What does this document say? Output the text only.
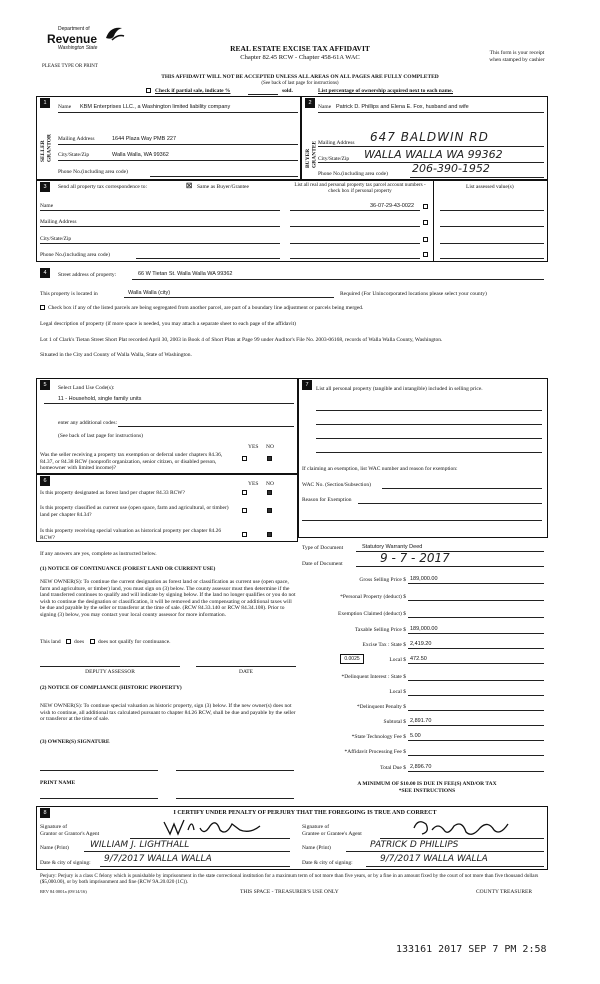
Department of
Revenue
Washington State
PLEASE TYPE OR PRINT
REAL ESTATE EXCISE TAX AFFIDAVIT
Chapter 82.45 RCW - Chapter 458-61A WAC
This form is your receipt
when stamped by cashier
THIS AFFIDAVIT WILL NOT BE ACCEPTED UNLESS ALL AREAS ON ALL PAGES ARE FULLY COMPLETED
(See back of last page for instructions)
Check if partial sale, indicate %	sold.	List percentage of ownership acquired next to each name.
1
SELLER GRANTOR
Name KBM Enterprises LLC., a Washington limited liability company
Mailing Address	1644 Plaza Way PMB 227
City/State/Zip	Walla Walla, WA 99362
Phone No.(including area code)
2
BUYER GRANTEE
Name Patrick D. Phillips and Elena E. Fox, husband and wife
Mailing Address 647 BALDWIN RD
City/State/Zip WALLA WALLA WA 99362
Phone No.(including area code) 206-390-1952
3	Send all property tax correspondence to:	☒ Same as Buyer/Grantee	List all real and personal property tax parcel account numbers - check box if personal property
List assessed value(s)
Name
Mailing Address
City/State/Zip
Phone No.(including area code)
36-07-29-43-0022
4	Street address of property:	66 W Tietan St. Walla Walla WA 99362
This property is located in	Walla Walla (city)	Required (For Unincorporated locations please select your county)
Check box if any of the listed parcels are being segregated from another parcel, are part of a boundary line adjustment or parcels being merged.
Legal description of property (if more space is needed, you may attach a separate sheet to each page of the affidavit)
Lot 1 of Clark's Tietan Street Short Plat recorded April 30, 2003 in Book 4 of Short Plats at Page 99 under Auditor's File No. 2003-06168, records of Walla Walla County, Washington.
Situated in the City and County of Walla Walla, State of Washington.
5	Select Land Use Code(s):
11 - Household, single family units
enter any additional codes:
(See back of last page for instructions)
YES NO
Was the seller receiving a property tax exemption or deferral under chapters 84.36, 84.37, or 84.38 RCW (nonprofit organization, senior citizen, or disabled person, homeowner with limited income)?
6	YES NO
Is this property designated as forest land per chapter 84.33 RCW?
Is this property classified as current use (open space, farm and agricultural, or timber) land per chapter 84.34?
Is this property receiving special valuation as historical property per chapter 84.26 RCW?
If any answers are yes, complete as instructed below.
(1) NOTICE OF CONTINUANCE (FOREST LAND OR CURRENT USE)
NEW OWNER(S): To continue the current designation as forest land or classification as current use (open space, farm and agriculture, or timber) land, you must sign on (3) below. The county assessor must then determine if the land transferred continues to qualify and will indicate by signing below. If the land no longer qualifies or you do not wish to continue the designation or classification, it will be removed and the compensating or additional taxes will be due and payable by the seller or transferor at the time of sale. (RCW 84.33.140 or RCW 84.34.108). Prior to signing (3) below, you may contact your local county assessor for more information.
This land does	does not qualify for continuance.
DEPUTY ASSESSOR	DATE
(2) NOTICE OF COMPLIANCE (HISTORIC PROPERTY)
NEW OWNER(S): To continue special valuation as historic property, sign (3) below. If the new owner(s) does not wish to continue, all additional tax calculated pursuant to chapter 84.26 RCW, shall be due and payable by the seller or transferor at the time of sale.
(3) OWNER(S) SIGNATURE
PRINT NAME
7
List all personal property (tangible and intangible) included in selling price.
If claiming an exemption, list WAC number and reason for exemption:
WAC No. (Section/Subsection)
Reason for Exemption
Type of Document	Statutory Warranty Deed
Date of Document	9 - 7 - 2017
Gross Selling Price $ 189,000.00
*Personal Property (deduct) $
Exemption Claimed (deduct) $
Taxable Selling Price $ 189,000.00
Excise Tax : State $ 2,419.20
0.0025	Local $ 472.50
*Delinquent Interest : State $
Local $
*Delinquent Penalty $
Subtotal $ 2,891.70
*State Technology Fee $ 5.00
*Affidavit Processing Fee $
Total Due $ 2,896.70
A MINIMUM OF $10.00 IS DUE IN FEE(S) AND/OR TAX
*SEE INSTRUCTIONS
8	I CERTIFY UNDER PENALTY OF PERJURY THAT THE FOREGOING IS TRUE AND CORRECT
Signature of
Grantor or Grantor's Agent
Name (Print) WILLIAM J. LIGHTHALL
Date & city of signing: 9/7/2017 WALLA WALLA
Signature of
Grantee or Grantee's Agent
Name (Print)	PATRICK D PHILLIPS
Date & city of signing:	9/7/2017 WALLA WALLA
Perjury: Perjury is a class C felony which is punishable by imprisonment in the state correctional institution for a maximum term of not more than five years, or by a fine in an amount fixed by the court of not more than five thousand dollars ($5,000.00), or by both imprisonment and fine (RCW 9A.20.020 (1C)).
REV 84 0001a (09/14/16)	THIS SPACE - TREASURER'S USE ONLY	COUNTY TREASURER
133161 2017 SEP 7 PM 2:58
